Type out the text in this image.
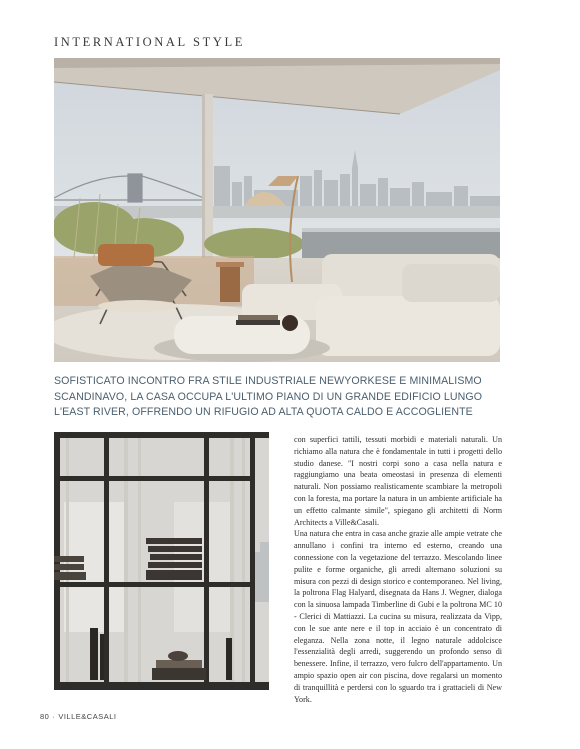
INTERNATIONAL STYLE
SOFISTICATO INCONTRO FRA STILE INDUSTRIALE NEWYORKESE E MINIMALISMO SCANDINAVO, LA CASA OCCUPA L'ULTIMO PIANO DI UN GRANDE EDIFICIO LUNGO L'EAST RIVER, OFFRENDO UN RIFUGIO AD ALTA QUOTA CALDO E ACCOGLIENTE

con superfici tattili, tessuti morbidi e materiali naturali. Un richiamo alla natura che è fondamentale in tutti i progetti dello studio danese. "I nostri corpi sono a casa nella natura e raggiungiamo una beata omeostasi in presenza di elementi naturali. Non possiamo realisticamente scambiare la metropoli con la foresta, ma portare la natura in un ambiente artificiale ha un effetto calmante simile", spiegano gli architetti di Norm Architects a Ville&Casali.

Una natura che entra in casa anche grazie alle ampie vetrate che annullano i confini tra interno ed esterno, creando una connessione con la vegetazione del terrazzo. Mescolando linee pulite e forme organiche, gli arredi alternano soluzioni su misura con pezzi di design storico e contemporaneo. Nel living, la poltrona Flag Halyard, disegnata da Hans J. Wegner, dialoga con la sinuosa lampada Timberline di Gubi e la poltrona MC 10 - Clerici di Mattiazzi. La cucina su misura, realizzata da Vipp, con le sue ante nere e il top in acciaio è un concentrato di eleganza. Nella zona notte, il legno naturale addolcisce l'essenzialità degli arredi, suggerendo un profondo senso di benessere. Infine, il terrazzo, vero fulcro dell'appartamento. Un ampio spazio open air con piscina, dove regalarsi un momento di tranquillità e perdersi con lo sguardo tra i grattacieli di New York.

80 · VILLE&CASALI
